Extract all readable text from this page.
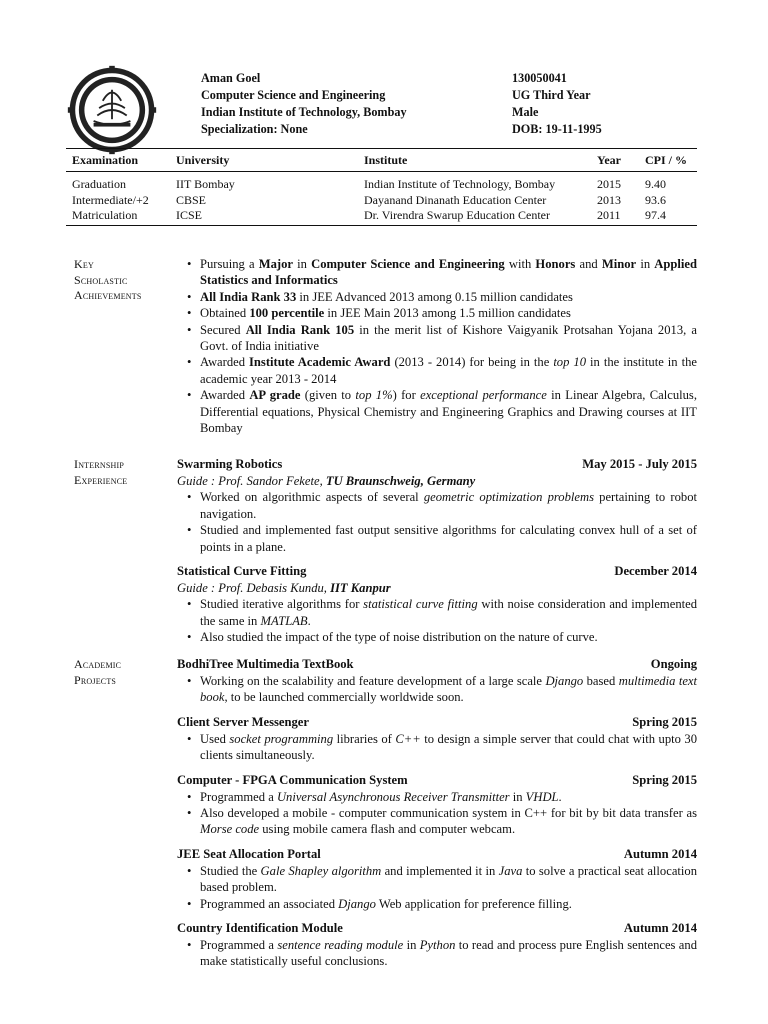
Aman Goel
Computer Science and Engineering
Indian Institute of Technology, Bombay
Specialization: None
130050041
UG Third Year
Male
DOB: 19-11-1995
Examination	University	Institute	Year CPI / %
Graduation	IIT Bombay	Indian Institute of Technology, Bombay	2015 9.40
Intermediate/+2 CBSE	Dayanand Dinanath Education Center	2013 93.6
Matriculation	ICSE	Dr. Virendra Swarup Education Center	2011 97.4
Key
Scholastic
Achievements
• Pursuing a Major in Computer Science and Engineering with Honors and Minor in Applied Statistics and Informatics
• All India Rank 33 in JEE Advanced 2013 among 0.15 million candidates
• Obtained 100 percentile in JEE Main 2013 among 1.5 million candidates
• Secured All India Rank 105 in the merit list of Kishore Vaigyanik Protsahan Yojana 2013, a Govt. of India initiative
• Awarded Institute Academic Award (2013 - 2014) for being in the top 10 in the institute in the academic year 2013 - 2014
• Awarded AP grade (given to top 1%) for exceptional performance in Linear Algebra, Calculus, Differential equations, Physical Chemistry and Engineering Graphics and Drawing courses at IIT Bombay
Internship
Experience
Swarming Robotics	May 2015 - July 2015
Guide : Prof. Sandor Fekete, TU Braunschweig, Germany
• Worked on algorithmic aspects of several geometric optimization problems pertaining to robot navigation.
• Studied and implemented fast output sensitive algorithms for calculating convex hull of a set of points in a plane.
Statistical Curve Fitting	December 2014
Guide : Prof. Debasis Kundu, IIT Kanpur
• Studied iterative algorithms for statistical curve fitting with noise consideration and implemented the same in MATLAB.
• Also studied the impact of the type of noise distribution on the nature of curve.
Academic
Projects
BodhiTree Multimedia TextBook	Ongoing
• Working on the scalability and feature development of a large scale Django based multimedia text book, to be launched commercially worldwide soon.
Client Server Messenger	Spring 2015
• Used socket programming libraries of C++ to design a simple server that could chat with upto 30 clients simultaneously.
Computer - FPGA Communication System	Spring 2015
• Programmed a Universal Asynchronous Receiver Transmitter in VHDL.
• Also developed a mobile - computer communication system in C++ for bit by bit data transfer as Morse code using mobile camera flash and computer webcam.
JEE Seat Allocation Portal	Autumn 2014
• Studied the Gale Shapley algorithm and implemented it in Java to solve a practical seat allocation based problem.
• Programmed an associated Django Web application for preference filling.
Country Identification Module	Autumn 2014
• Programmed a sentence reading module in Python to read and process pure English sentences and make statistically useful conclusions.
